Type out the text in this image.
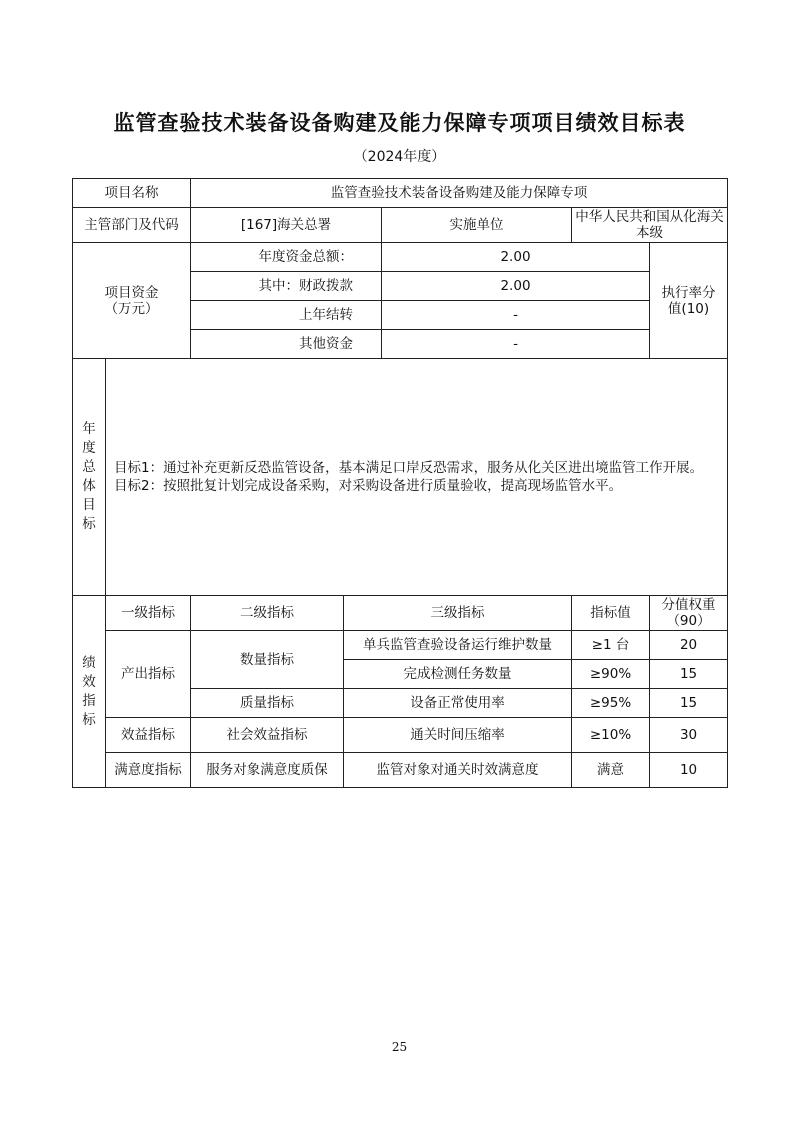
监管查验技术装备设备购建及能力保障专项项目绩效目标表
（2024年度）
项目名称		监管查验技术装备设备购建及能力保障专项				
主管部门及代码		[167]海关总署		实施单位	中华人民共和国从化海关本级	

项目资金（万元）		年度资金总额：		2.00		执行率分值(10)

		其中：财政拨款		2.00		
		上年结转		-		
		其他资金		-		

年度总体目标	目标1：通过补充更新反恐监管设备，基本满足口岸反恐需求，服务从化关区进出境监管工作开展。
目标2：按照批复计划完成设备采购，对采购设备进行质量验收，提高现场监管水平。					

绩效指标	一级指标	二级指标	三级指标		指标值	分值权重（90）

	产出指标	数量指标	单兵监管查验设备运行维护数量		≥1 台	20
			完成检测任务数量		≥90%	15
		质量指标	设备正常使用率		≥95%	15
	效益指标	社会效益指标	通关时间压缩率		≥10%	30
	满意度指标	服务对象满意度质保	监管对象对通关时效满意度		满意	10
25
